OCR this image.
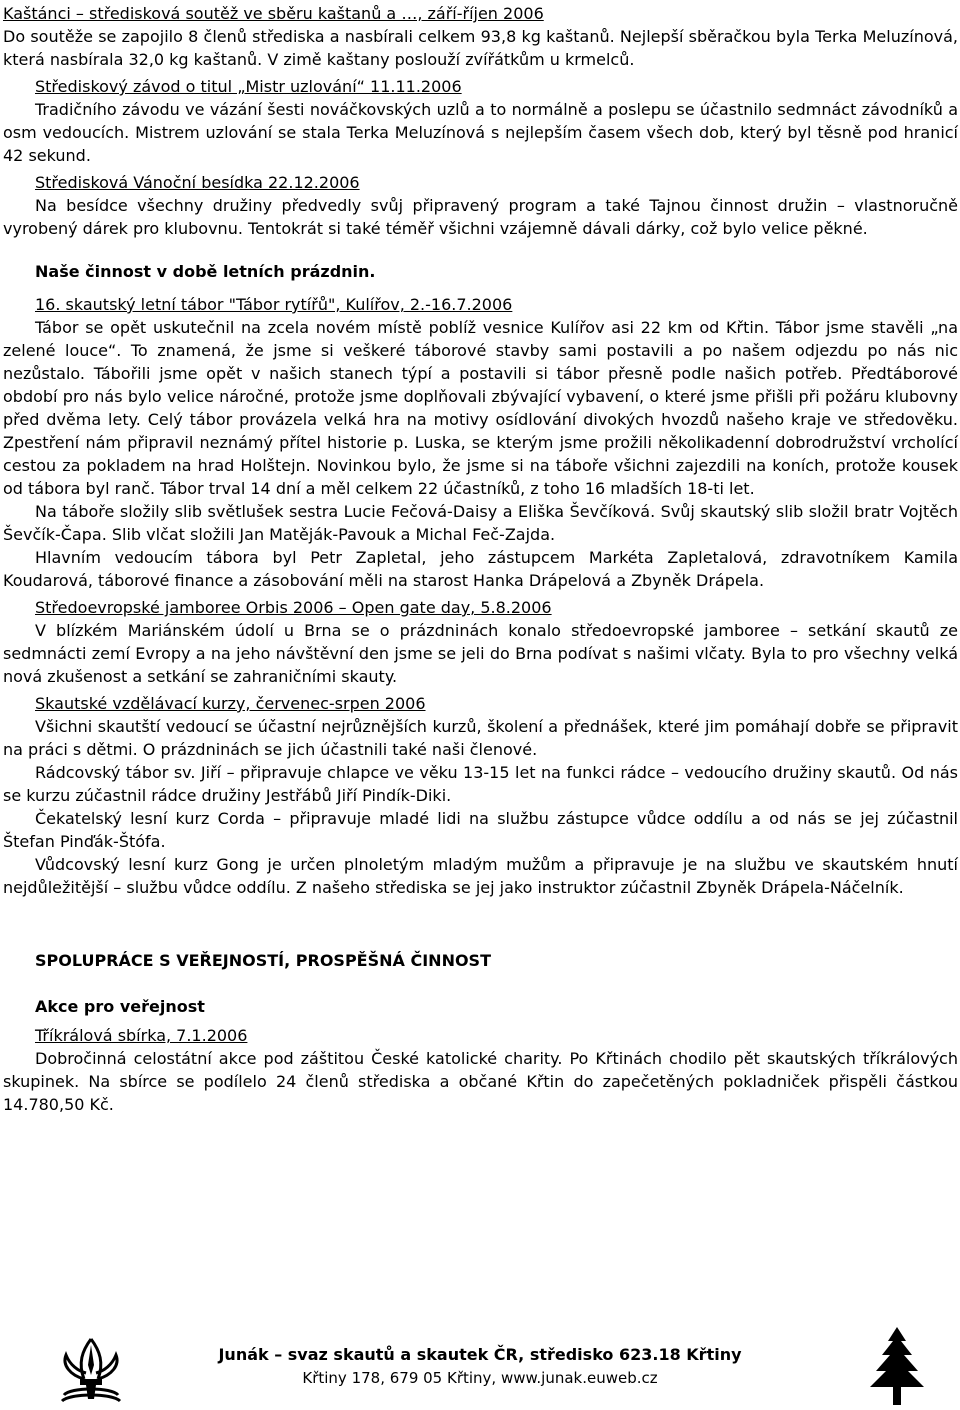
Kaštánci – středisková soutěž ve sběru kaštanů a …, září-říjen 2006

Do soutěže se zapojilo 8 členů střediska a nasbírali celkem 93,8 kg kaštanů. Nejlepší sběračkou byla Terka Meluzínová, která nasbírala 32,0 kg kaštanů. V zimě kaštany poslouží zvířátkům u krmelců.

Střediskový závod o titul „Mistr uzlování“ 11.11.2006

Tradičního závodu ve vázání šesti nováčkovských uzlů a to normálně a poslepu se účastnilo sedmnáct závodníků a osm vedoucích. Mistrem uzlování se stala Terka Meluzínová s nejlepším časem všech dob, který byl těsně pod hranicí 42 sekund.

Středisková Vánoční besídka 22.12.2006

Na besídce všechny družiny předvedly svůj připravený program a také Tajnou činnost družin – vlastnoručně vyrobený dárek pro klubovnu. Tentokrát si také téměř všichni vzájemně dávali dárky, což bylo velice pěkné.

Naše činnost v době letních prázdnin.

16. skautský letní tábor "Tábor rytířů", Kulířov, 2.-16.7.2006

Tábor se opět uskutečnil na zcela novém místě poblíž vesnice Kulířov asi 22 km od Křtin. Tábor jsme stavěli „na zelené louce“. To znamená, že jsme si veškeré táborové stavby sami postavili a po našem odjezdu po nás nic nezůstalo. Tábořili jsme opět v našich stanech týpí a postavili si tábor přesně podle našich potřeb. Předtáborové období pro nás bylo velice náročné, protože jsme doplňovali zbývající vybavení, o které jsme přišli při požáru klubovny před dvěma lety. Celý tábor provázela velká hra na motivy osídlování divokých hvozdů našeho kraje ve středověku. Zpestření nám připravil neznámý přítel historie p. Luska, se kterým jsme prožili několikadenní dobrodružství vrcholící cestou za pokladem na hrad Holštejn. Novinkou bylo, že jsme si na táboře všichni zajezdili na koních, protože kousek od tábora byl ranč. Tábor trval 14 dní a měl celkem 22 účastníků, z toho 16 mladších 18-ti let.

Na táboře složily slib světlušek sestra Lucie Fečová-Daisy a Eliška Ševčíková. Svůj skautský slib složil bratr Vojtěch Ševčík-Čapa. Slib vlčat složili Jan Matěják-Pavouk a Michal Feč-Zajda.

Hlavním vedoucím tábora byl Petr Zapletal, jeho zástupcem Markéta Zapletalová, zdravotníkem Kamila Koudarová, táborové finance a zásobování měli na starost Hanka Drápelová a Zbyněk Drápela.

Středoevropské jamboree Orbis 2006 – Open gate day, 5.8.2006

V blízkém Mariánském údolí u Brna se o prázdninách konalo středoevropské jamboree – setkání skautů ze sedmnácti zemí Evropy a na jeho návštěvní den jsme se jeli do Brna podívat s našimi vlčaty. Byla to pro všechny velká nová zkušenost a setkání se zahraničními skauty.

Skautské vzdělávací kurzy, červenec-srpen 2006

Všichni skautští vedoucí se účastní nejrůznějších kurzů, školení a přednášek, které jim pomáhají dobře se připravit na práci s dětmi. O prázdninách se jich účastnili také naši členové.

Rádcovský tábor sv. Jiří – připravuje chlapce ve věku 13-15 let na funkci rádce – vedoucího družiny skautů. Od nás se kurzu zúčastnil rádce družiny Jestřábů Jiří Pindík-Diki.

Čekatelský lesní kurz Corda – připravuje mladé lidi na službu zástupce vůdce oddílu a od nás se jej zúčastnil Štefan Pinďák-Štófa.

Vůdcovský lesní kurz Gong je určen plnoletým mladým mužům a připravuje je na službu ve skautském hnutí nejdůležitější – službu vůdce oddílu. Z našeho střediska se jej jako instruktor zúčastnil Zbyněk Drápela-Náčelník.

SPOLUPRÁCE S VEŘEJNOSTÍ, PROSPĚŠNÁ ČINNOST

Akce pro veřejnost

Tříkrálová sbírka, 7.1.2006

Dobročinná celostátní akce pod záštitou České katolické charity. Po Křtinách chodilo pět skautských tříkrálových skupinek. Na sbírce se podílelo 24 členů střediska a občané Křtin do zapečetěných pokladniček přispěli částkou 14.780,50 Kč.

Junák – svaz skautů a skautek ČR, středisko 623.18 Křtiny
Křtiny 178, 679 05 Křtiny, www.junak.euweb.cz
